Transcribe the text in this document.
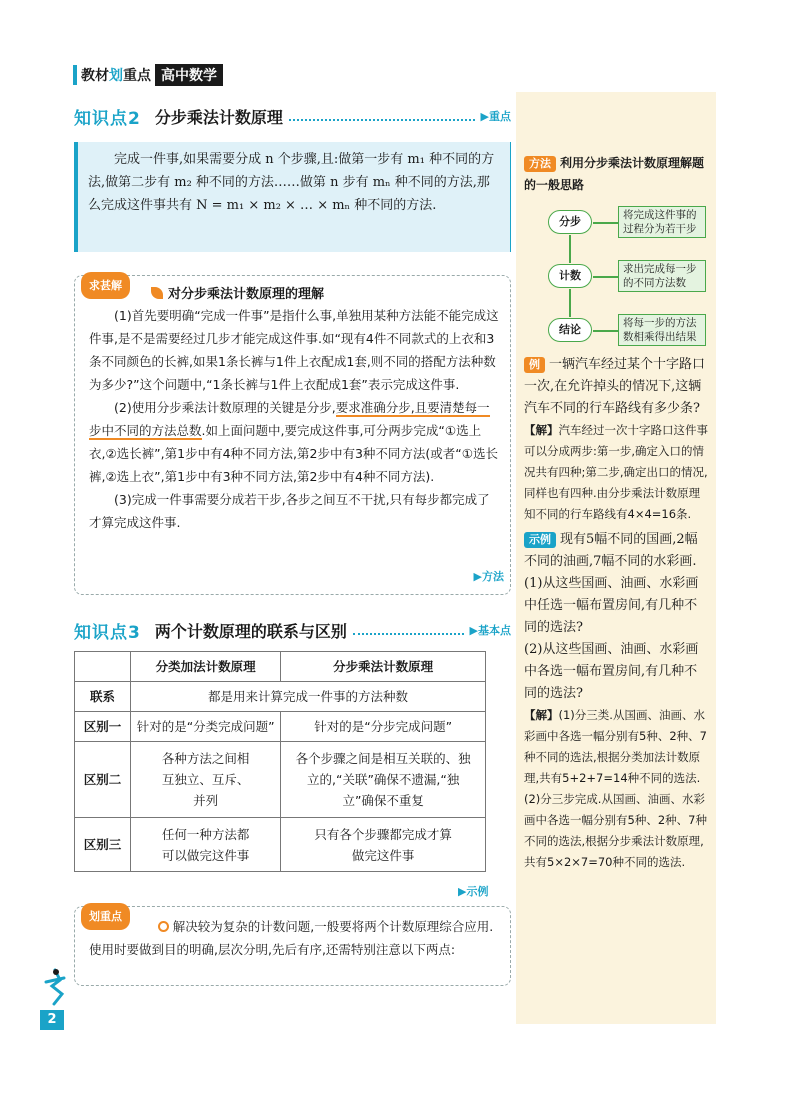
教材 划 重点 高中数学
知识点2 分步乘法计数原理	▶重点

完成一件事,如果需要分成 n 个步骤,且:做第一步有 m₁ 种不同的方法,做第二步有 m₂ 种不同的方法……做第 n 步有 mₙ 种不同的方法,那么完成这件事共有 N = m₁ × m₂ × … × mₙ 种不同的方法.

求甚解
对分步乘法计数原理的理解

(1)首先要明确“完成一件事”是指什么事,单独用某种方法能不能完成这件事,是不是需要经过几步才能完成这件事.如“现有4件不同款式的上衣和3条不同颜色的长裤,如果1条长裤与1件上衣配成1套,则不同的搭配方法种数为多少?”这个问题中,“1条长裤与1件上衣配成1套”表示完成这件事.

(2)使用分步乘法计数原理的关键是分步,要求准确分步,且要清楚每一步中不同的方法总数.如上面问题中,要完成这件事,可分两步完成“①选上衣,②选长裤”,第1步中有4种不同方法,第2步中有3种不同方法(或者“①选长裤,②选上衣”,第1步中有3种不同方法,第2步中有4种不同方法).

(3)完成一件事需要分成若干步,各步之间互不干扰,只有每步都完成了才算完成这件事.

▶方法
知识点3 两个计数原理的联系与区别	▶基本点
	分类加法计数原理	分步乘法计数原理
联系	都是用来计算完成一件事的方法种数	
区别一	针对的是“分类完成问题”	针对的是“分步完成问题”
区别二	各种方法之间相互独立、互斥、并列	各个步骤之间是相互关联的、独立的,“关联”确保不遗漏,“独立”确保不重复
区别三	任何一种方法都可以做完这件事	只有各个步骤都完成才算做完这件事
▶示例
划重点

解决较为复杂的计数问题,一般要将两个计数原理综合应用.使用时要做到目的明确,层次分明,先后有序,还需特别注意以下两点:

2
方法 利用分步乘法计数原理解题的一般思路
分步	将完成这件事的过程分为若干步
计数	求出完成每一步的不同方法数
结论	将每一步的方法数相乘得出结果
例 一辆汽车经过某个十字路口一次,在允许掉头的情况下,这辆汽车不同的行车路线有多少条?
【解】汽车经过一次十字路口这件事可以分成两步:第一步,确定入口的情况共有四种;第二步,确定出口的情况,同样也有四种.由分步乘法计数原理知不同的行车路线有4×4=16条.
示例 现有5幅不同的国画,2幅不同的油画,7幅不同的水彩画.
(1)从这些国画、油画、水彩画中任选一幅布置房间,有几种不同的选法?
(2)从这些国画、油画、水彩画中各选一幅布置房间,有几种不同的选法?
【解】(1)分三类.从国画、油画、水彩画中各选一幅分别有5种、2种、7种不同的选法,根据分类加法计数原理,共有5+2+7=14种不同的选法.
(2)分三步完成.从国画、油画、水彩画中各选一幅分别有5种、2种、7种不同的选法,根据分步乘法计数原理,共有5×2×7=70种不同的选法.
